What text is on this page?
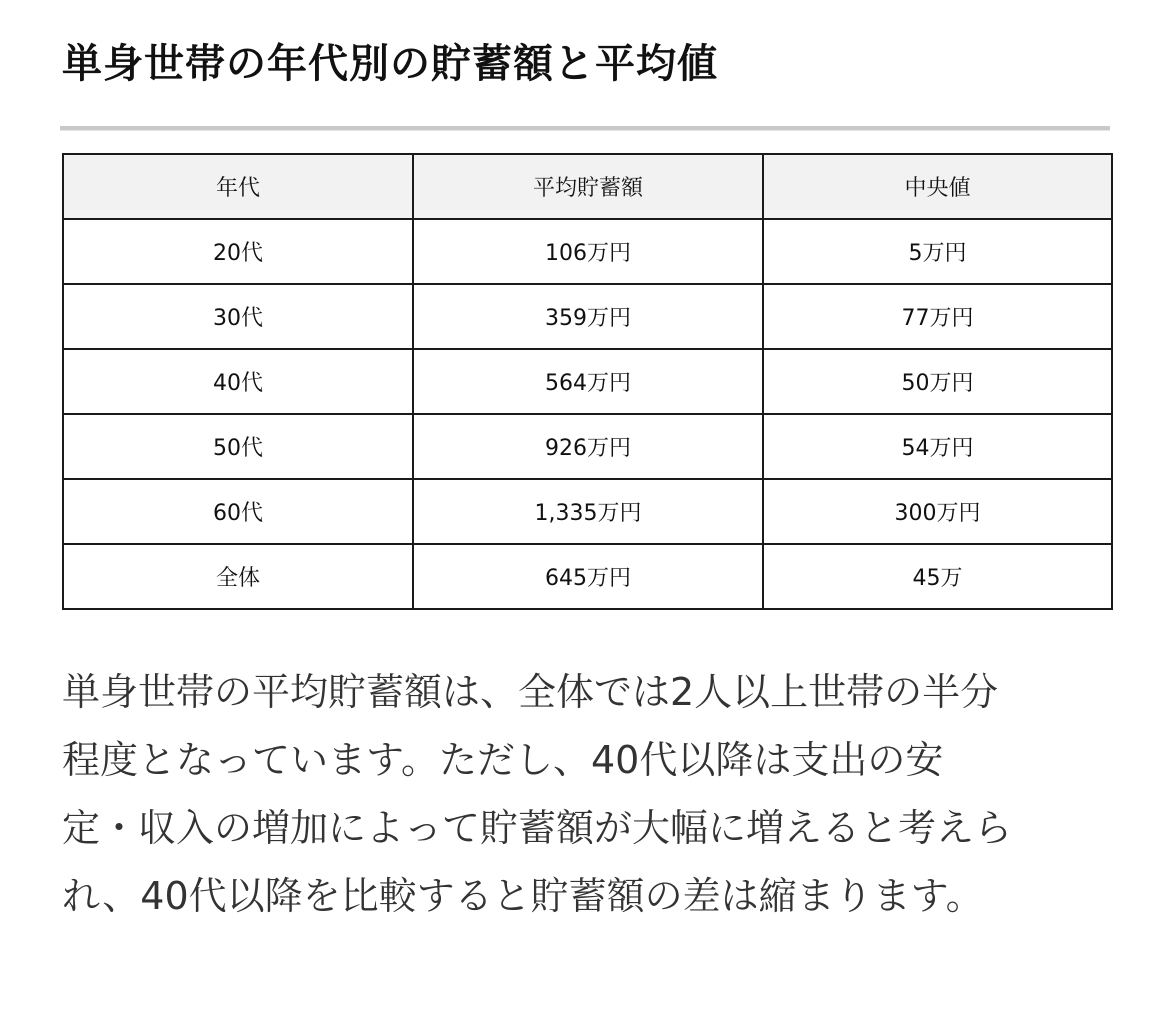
単身世帯の年代別の貯蓄額と平均値
年代	平均貯蓄額	中央値
20代	106万円	5万円
30代	359万円	77万円
40代	564万円	50万円
50代	926万円	54万円
60代	1,335万円	300万円
全体	645万円	45万

単身世帯の平均貯蓄額は、全体では2人以上世帯の半分
程度となっています。ただし、40代以降は支出の安
定・収入の増加によって貯蓄額が大幅に増えると考えら
れ、40代以降を比較すると貯蓄額の差は縮まります。
